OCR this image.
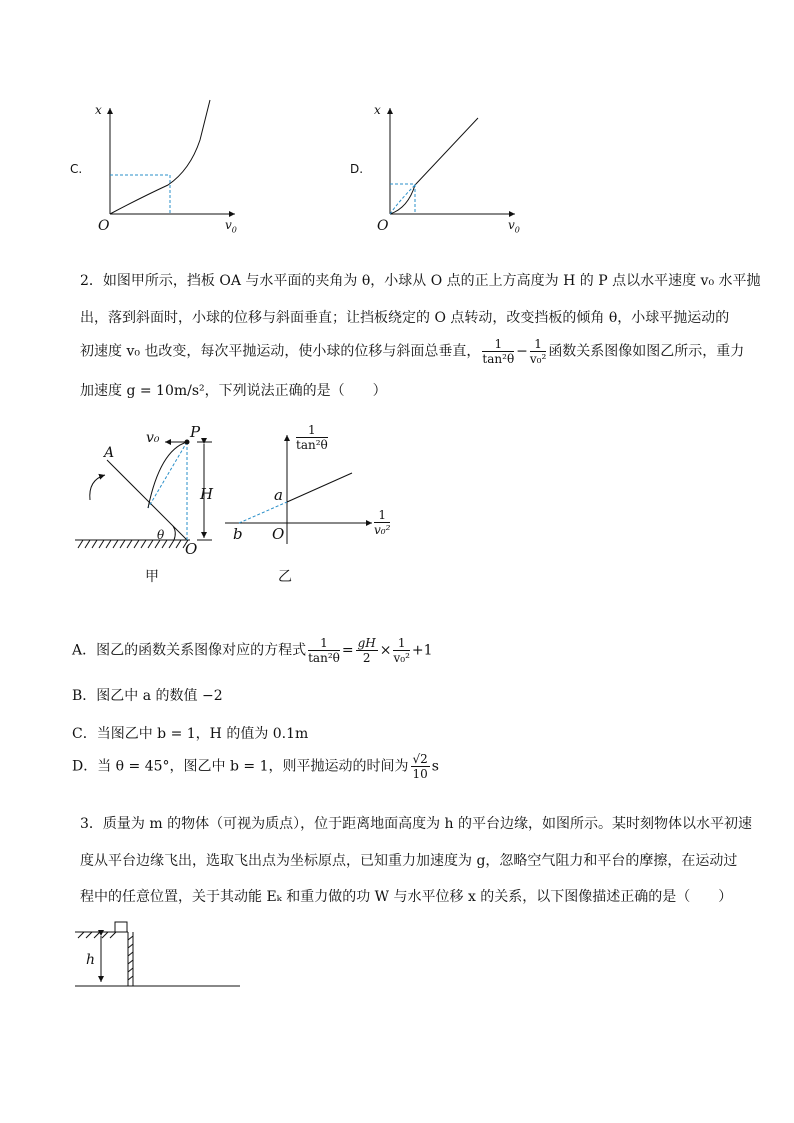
C.
x
O	$v_0$
D.
x
O	$v_0$
2．如图甲所示，挡板 OA 与水平面的夹角为 θ，小球从 O 点的正上方高度为 H 的 P 点以水平速度 v₀ 水平抛
出，落到斜面时，小球的位移与斜面垂直；让挡板绕定的 O 点转动，改变挡板的倾角 θ，小球平抛运动的
初速度 v₀ 也改变，每次平抛运动，使小球的位移与斜面总垂直， $\frac{1}{\text{tan²θ}} - \frac{1}{\text{v₀²}}$ 函数关系图像如图乙所示，重力
加速度 g = 10m/s²，下列说法正确的是（　　）
A
P
v₀
H
θ
O
甲
$\frac{1}{\text{tan²θ}}$
$\frac{1}{\text{v₀²}}$
a
b O
乙
A．图乙的函数关系图像对应的方程式 $\frac{1}{\text{tan²θ}} = \frac{gH}{2} \times \frac{1}{\text{v₀²}} +1$
B．图乙中 a 的数值 −2
C．当图乙中 b = 1，H 的值为 0.1m
D．当 θ = 45°，图乙中 b = 1，则平抛运动的时间为 $\frac{√2}{10}$ s
3．质量为 m 的物体（可视为质点），位于距离地面高度为 h 的平台边缘，如图所示。某时刻物体以水平初速
度从平台边缘飞出，选取飞出点为坐标原点，已知重力加速度为 g，忽略空气阻力和平台的摩擦，在运动过
程中的任意位置，关于其动能 Eₖ 和重力做的功 W 与水平位移 x 的关系，以下图像描述正确的是（　　）
h
